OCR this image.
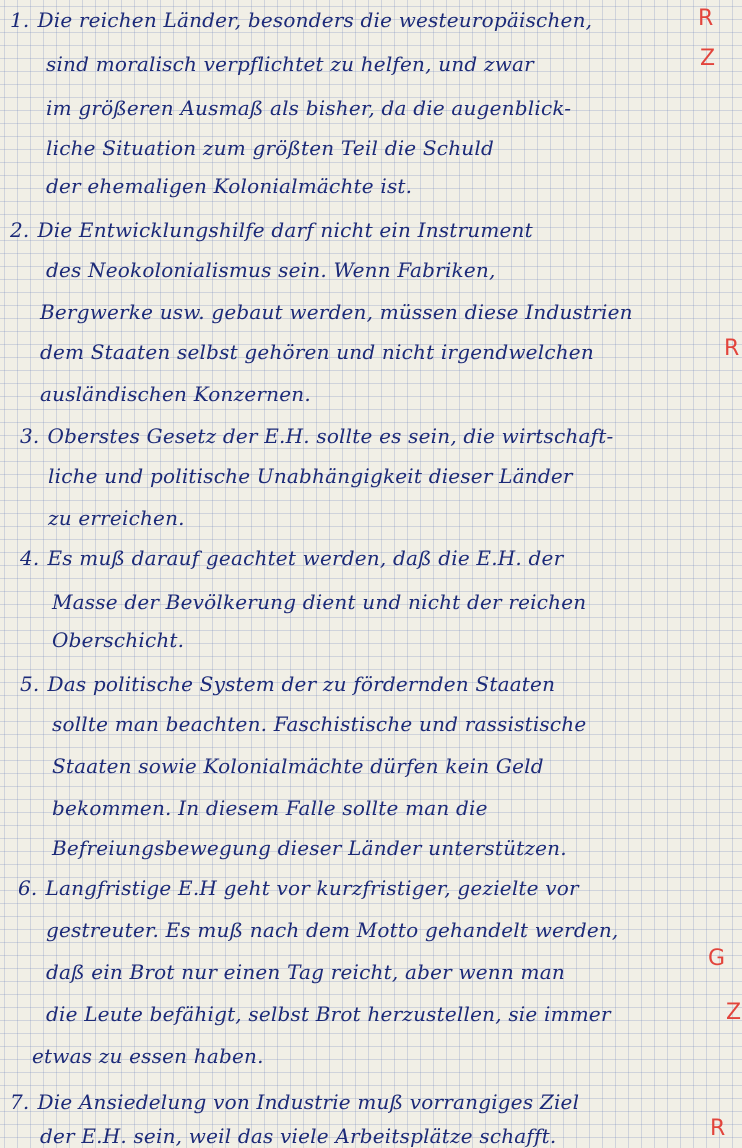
1. Die reichen Länder, besonders die westeuropäischen,
sind moralisch verpflichtet zu helfen, und zwar
im größeren Ausmaß als bisher, da die augenblick-
liche Situation zum größten Teil die Schuld
der ehemaligen Kolonialmächte ist.
2. Die Entwicklungshilfe darf nicht ein Instrument
des Neokolonialismus sein. Wenn Fabriken,
Bergwerke usw. gebaut werden, müssen diese Industrien
dem Staaten selbst gehören und nicht irgendwelchen
ausländischen Konzernen.
3. Oberstes Gesetz der E.H. sollte es sein, die wirtschaft-
liche und politische Unabhängigkeit dieser Länder
zu erreichen.
4. Es muß darauf geachtet werden, daß die E.H. der
Masse der Bevölkerung dient und nicht der reichen
Oberschicht.
5. Das politische System der zu fördernden Staaten
sollte man beachten. Faschistische und rassistische
Staaten sowie Kolonialmächte dürfen kein Geld
bekommen. In diesem Falle sollte man die
Befreiungsbewegung dieser Länder unterstützen.
6. Langfristige E.H geht vor kurzfristiger, gezielte vor
gestreuter. Es muß nach dem Motto gehandelt werden,
daß ein Brot nur einen Tag reicht, aber wenn man
die Leute befähigt, selbst Brot herzustellen, sie immer
etwas zu essen haben.
7. Die Ansiedelung von Industrie muß vorrangiges Ziel
der E.H. sein, weil das viele Arbeitsplätze schafft.
R
Z
R
G
Z
R
